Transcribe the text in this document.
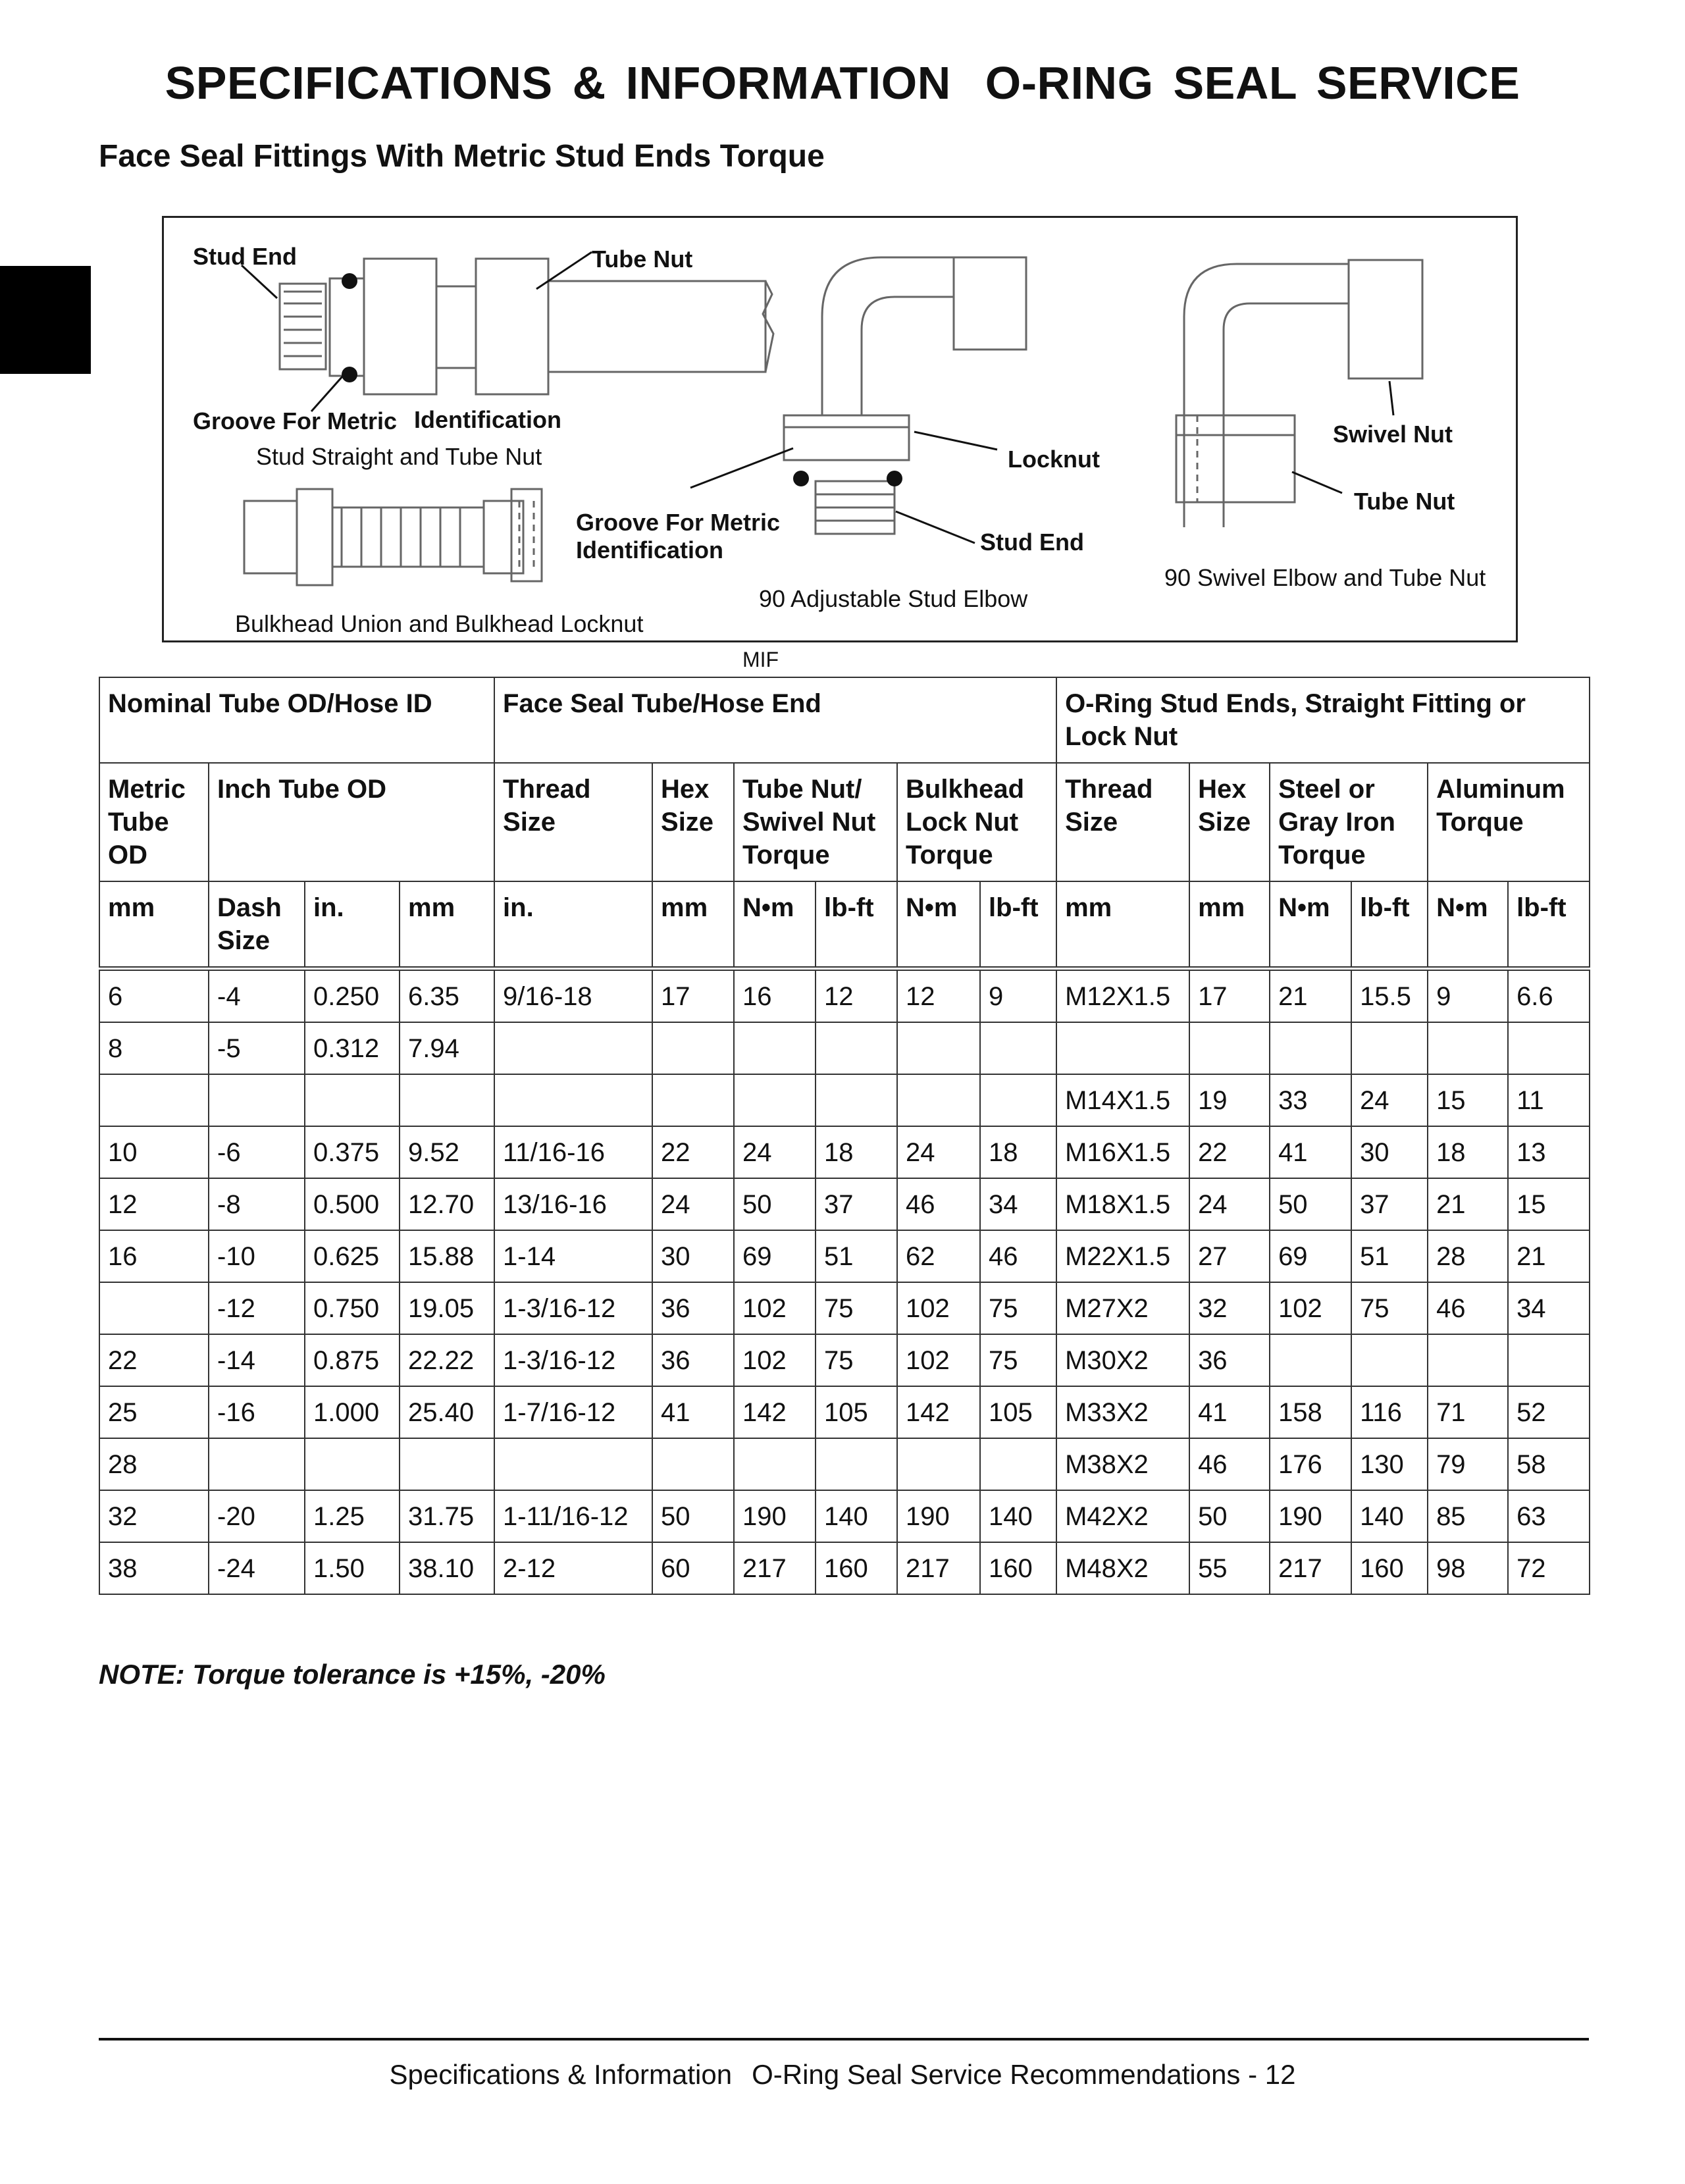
SPECIFICATIONS & INFORMATION O-RING SEAL SERVICE
Face Seal Fittings With Metric Stud Ends Torque
Stud End	Tube Nut
Groove For Metric Identification
Stud Straight and Tube Nut
Bulkhead Union and Bulkhead Locknut
Groove For Metric
Identification
Locknut
Stud End
90 Adjustable Stud Elbow
Swivel Nut
Tube Nut
90 Swivel Elbow and Tube Nut
MIF
Nominal Tube OD/Hose ID				Face Seal Tube/Hose End						O-Ring Stud Ends, Straight Fitting or Lock Nut					
Metric Tube OD	Inch Tube OD			Thread Size	Hex Size	Tube Nut/ Swivel Nut Torque		Bulkhead Lock Nut Torque		Thread Size	Hex Size	Steel or Gray Iron Torque		Aluminum Torque	
mm	Dash Size	in.	mm	in.	mm	N•m	lb-ft	N•m	lb-ft	mm	mm	N•m	lb-ft	N•m	lb-ft
6	-4	0.250	6.35	9/16-18	17	16	12	12	9	M12X1.5	17	21	15.5	9	6.6
8	-5	0.312	7.94												
										M14X1.5	19	33	24	15	11
10	-6	0.375	9.52	11/16-16	22	24	18	24	18	M16X1.5	22	41	30	18	13
12	-8	0.500	12.70	13/16-16	24	50	37	46	34	M18X1.5	24	50	37	21	15
16	-10	0.625	15.88	1-14	30	69	51	62	46	M22X1.5	27	69	51	28	21
	-12	0.750	19.05	1-3/16-12	36	102	75	102	75	M27X2	32	102	75	46	34
22	-14	0.875	22.22	1-3/16-12	36	102	75	102	75	M30X2	36				
25	-16	1.000	25.40	1-7/16-12	41	142	105	142	105	M33X2	41	158	116	71	52
28										M38X2	46	176	130	79	58
32	-20	1.25	31.75	1-11/16-12	50	190	140	190	140	M42X2	50	190	140	85	63
38	-24	1.50	38.10	2-12	60	217	160	217	160	M48X2	55	217	160	98	72
NOTE: Torque tolerance is +15%, -20%
Specifications & Information O-Ring Seal Service Recommendations - 12
